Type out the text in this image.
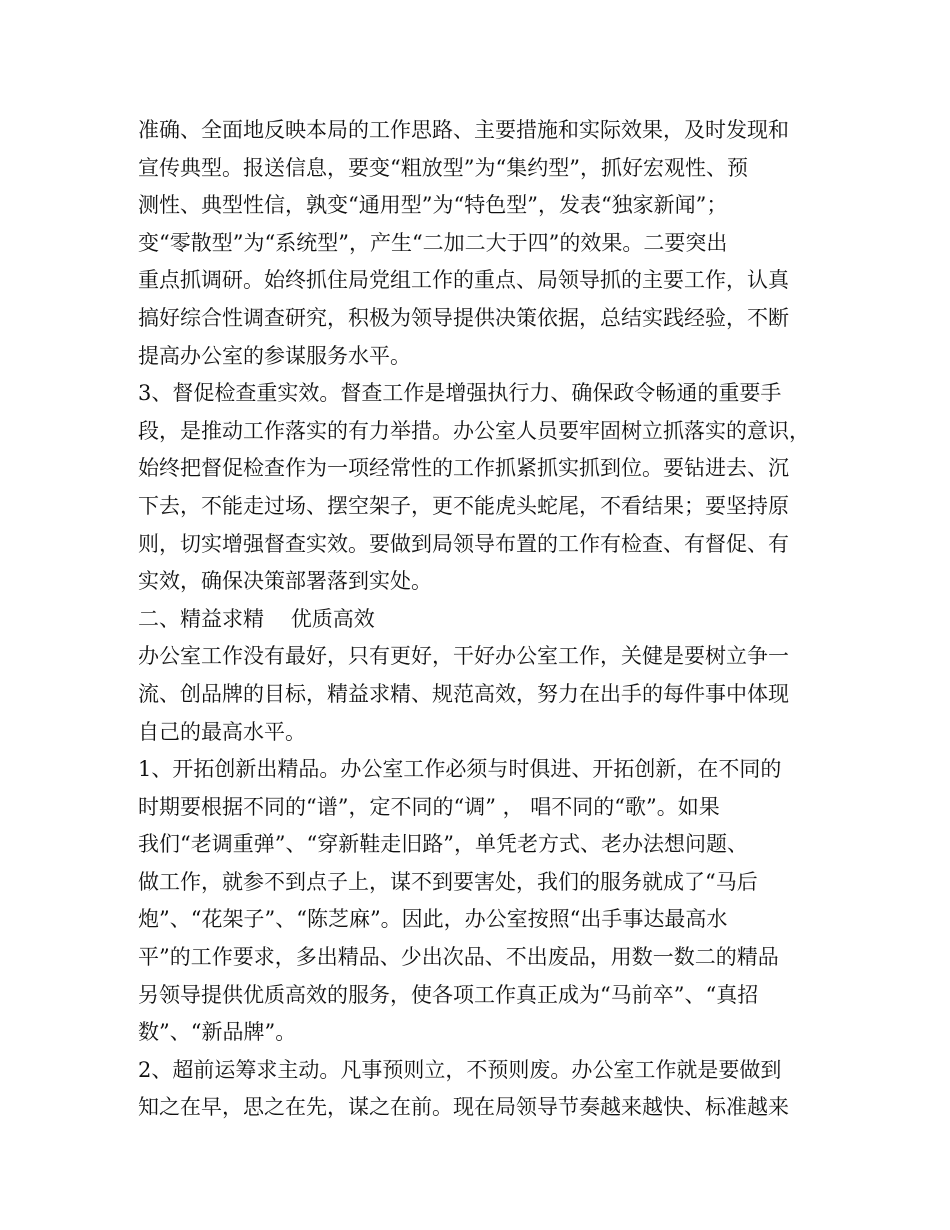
准确、全面地反映本局的工作思路、主要措施和实际效果，及时发现和
宣传典型。报送信息，要变“粗放型”为“集约型”，抓好宏观性、预
测性、典型性信，孰变“通用型”为“特色型”，发表“独家新闻”；
变“零散型”为“系统型”，产生“二加二大于四”的效果。二要突出
重点抓调研。始终抓住局党组工作的重点、局领导抓的主要工作，认真
搞好综合性调查研究，积极为领导提供决策依据，总结实践经验，不断
提高办公室的参谋服务水平。
3、督促检查重实效。督查工作是增强执行力、确保政令畅通的重要手
段，是推动工作落实的有力举措。办公室人员要牢固树立抓落实的意识，
始终把督促检查作为一项经常性的工作抓紧抓实抓到位。要钻进去、沉
下去，不能走过场、摆空架子，更不能虎头蛇尾，不看结果；要坚持原
则，切实增强督查实效。要做到局领导布置的工作有检查、有督促、有
实效，确保决策部署落到实处。
二、精益求精    优质高效
办公室工作没有最好，只有更好，干好办公室工作，关健是要树立争一
流、创品牌的目标，精益求精、规范高效，努力在出手的每件事中体现
自己的最高水平。
1、开拓创新出精品。办公室工作必须与时俱进、开拓创新，在不同的
时期要根据不同的“谱”，定不同的“调” ， 唱不同的“歌”。如果
我们“老调重弹”、“穿新鞋走旧路”，单凭老方式、老办法想问题、
做工作，就参不到点子上，谋不到要害处，我们的服务就成了“马后
炮”、“花架子”、“陈芝麻”。因此，办公室按照“出手事达最高水
平”的工作要求，多出精品、少出次品、不出废品，用数一数二的精品
另领导提供优质高效的服务，使各项工作真正成为“马前卒”、“真招
数”、“新品牌”。
2、超前运筹求主动。凡事预则立，不预则废。办公室工作就是要做到
知之在早，思之在先，谋之在前。现在局领导节奏越来越快、标准越来
